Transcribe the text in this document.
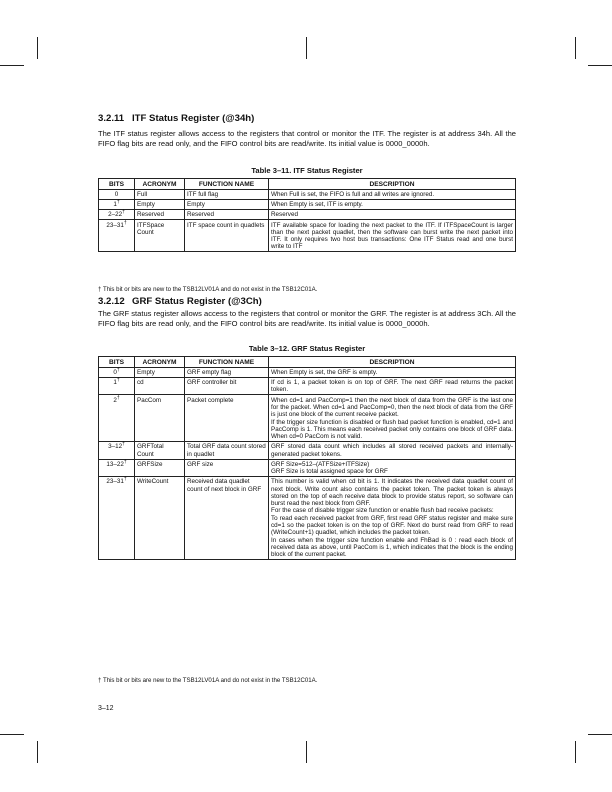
3.2.11 ITF Status Register (@34h)
The ITF status register allows access to the registers that control or monitor the ITF. The register is at address 34h. All the FIFO flag bits are read only, and the FIFO control bits are read/write. Its initial value is 0000_0000h.
Table 3–11. ITF Status Register
BITS	ACRONYM	FUNCTION NAME	DESCRIPTION
0	Full	ITF full flag	When Full is set, the FIFO is full and all writes are ignored.

1†	Empty	Empty	When Empty is set, ITF is empty.

2–22†	Reserved	Reserved	Reserved

23–31†	ITFSpace Count	ITF space count in quadlets	ITF available space for loading the next packet to the ITF. If ITFSpaceCount is larger than the next packet quadlet, then the software can burst write the next packet into ITF. It only requires two host bus transactions: One ITF Status read and one burst write to ITF

† This bit or bits are new to the TSB12LV01A and do not exist in the TSB12C01A.
3.2.12 GRF Status Register (@3Ch)
The GRF status register allows access to the registers that control or monitor the GRF. The register is at address 3Ch. All the FIFO flag bits are read only, and the FIFO control bits are read/write. Its initial value is 0000_0000h.
Table 3–12. GRF Status Register
BITS	ACRONYM	FUNCTION NAME	DESCRIPTION
0†	Empty	GRF empty flag	When Empty is set, the GRF is empty.

1†	cd	GRF controller bit	If cd is 1, a packet token is on top of GRF. The next GRF read returns the packet token.

2†	PacCom	Packet complete	When cd=1 and PacComp=1 then the next block of data from the GRF is the last one for the packet. When cd=1 and PacComp=0, then the next block of data from the GRF is just one block of the current receive packet.

If the trigger size function is disabled or flush bad packet function is enabled, cd=1 and PacComp is 1. This means each received packet only contains one block of GRF data. When cd=0 PacCom is not valid.

3–12†	GRFTotal Count	Total GRF data count stored in quadlet	GRF stored data count which includes all stored received packets and internally-generated packet tokens.

13–22†	GRFSize	GRF size	GRF Size=512–(ATFSize+ITFSize)

GRF Size is total assigned space for GRF

23–31†	WriteCount	Received data quadlet count of next block in GRF	This number is valid when cd bit is 1. It indicates the received data quadlet count of next block. Write count also contains the packet token. The packet token is always stored on the top of each receive data block to provide status report, so software can burst read the next block from GRF.

For the case of disable trigger size function or enable flush bad receive packets:

To read each received packet from GRF, first read GRF status register and make sure cd=1 so the packet token is on the top of GRF. Next do burst read from GRF to read (WriteCount+1) quadlet, which includes the packet token.

In cases when the trigger size function enable and FhBad is 0 : read each block of received data as above, until PacCom is 1, which indicates that the block is the ending block of the current packet.

† This bit or bits are new to the TSB12LV01A and do not exist in the TSB12C01A.
3–12
